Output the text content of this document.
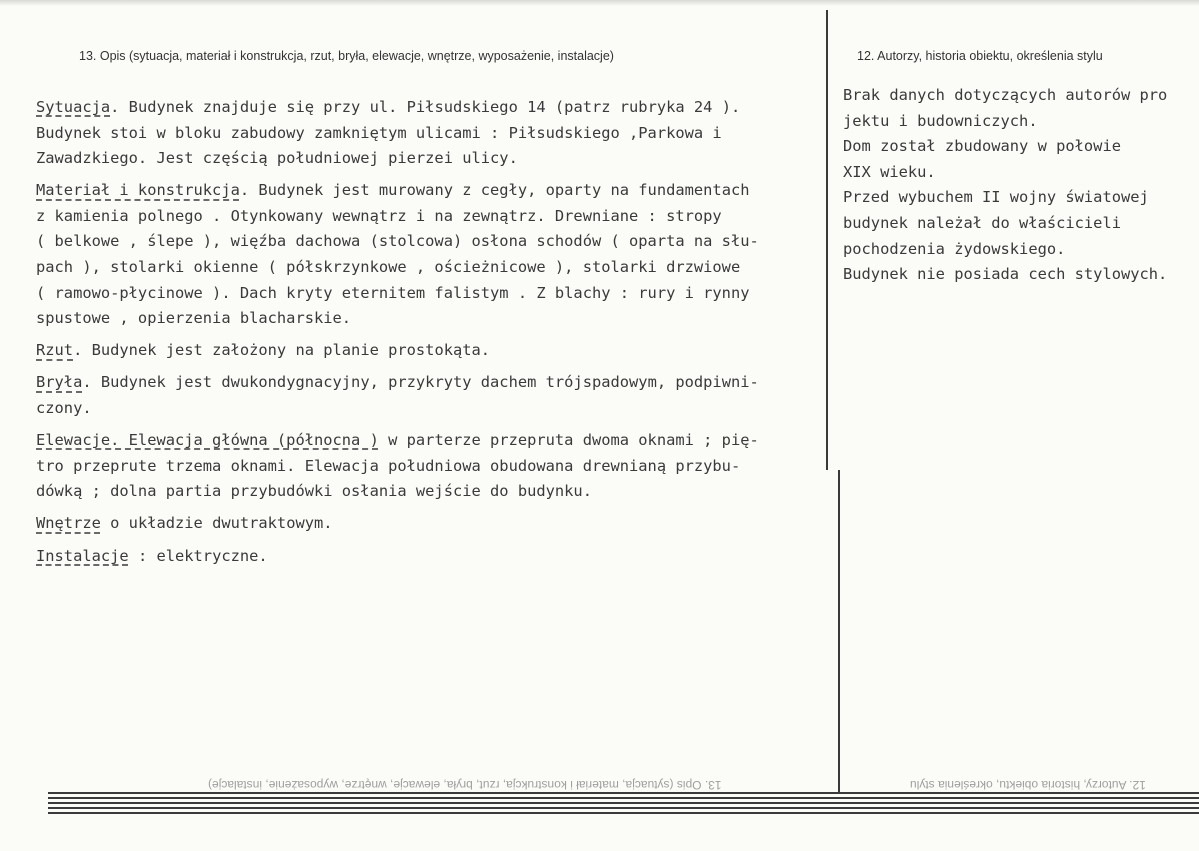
13. Opis (sytuacja, materiał i konstrukcja, rzut, bryła, elewacje, wnętrze, wyposażenie, instalacje)	12. Autorzy, historia obiektu, określenia stylu
Sytuacja. Budynek znajduje się przy ul. Piłsudskiego 14 (patrz rubryka 24 ).
Budynek stoi w bloku zabudowy zamkniętym ulicami : Piłsudskiego ,Parkowa i
Zawadzkiego. Jest częścią południowej pierzei ulicy.
Materiał i konstrukcja. Budynek jest murowany z cegły, oparty na fundamentach
z kamienia polnego . Otynkowany wewnątrz i na zewnątrz. Drewniane : stropy
( belkowe , ślepe ), więźba dachowa (stolcowa) osłona schodów ( oparta na słu-
pach ), stolarki okienne ( półskrzynkowe , ościeżnicowe ), stolarki drzwiowe
( ramowo-płycinowe ). Dach kryty eternitem falistym . Z blachy : rury i rynny
spustowe , opierzenia blacharskie.
Rzut. Budynek jest założony na planie prostokąta.
Bryła. Budynek jest dwukondygnacyjny, przykryty dachem trójspadowym, podpiwni-
czony.
Elewacje. Elewacja główna (północna ) w parterze przepruta dwoma oknami ; pię-
tro przeprute trzema oknami. Elewacja południowa obudowana drewnianą przybu-
dówką ; dolna partia przybudówki osłania wejście do budynku.
Wnętrze o układzie dwutraktowym.
Instalacje : elektryczne.
Brak danych dotyczących autorów pro
jektu i budowniczych.
Dom został zbudowany w połowie
XIX wieku.
Przed wybuchem II wojny światowej
budynek należał do właścicieli
pochodzenia żydowskiego.
Budynek nie posiada cech stylowych.
13. Opis (sytuacja, materiał i konstrukcja, rzut, bryła, elewacje, wnętrze, wyposażenie, instalacje)	12. Autorzy, historia obiektu, określenia stylu
